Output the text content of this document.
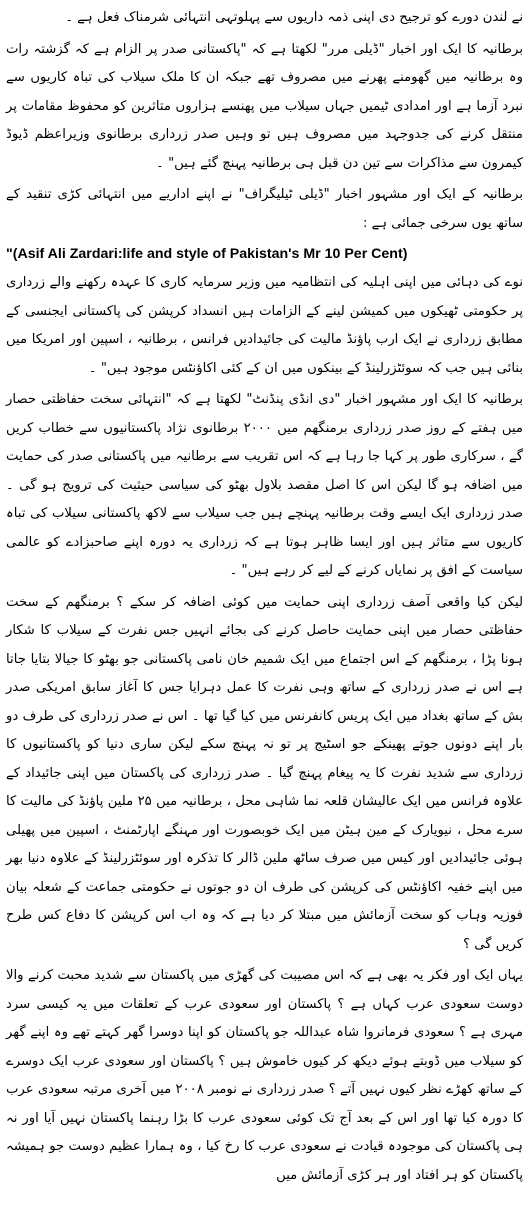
نے لندن دورے کو ترجیح دی اپنی ذمہ داریوں سے پہلوتہی انتہائی شرمناک فعل ہے ۔

برطانیہ کا ایک اور اخبار "ڈیلی مرر" لکھتا ہے کہ "پاکستانی صدر پر الزام ہے کہ گزشتہ رات وہ برطانیہ میں گھومنے پھرنے میں مصروف تھے جبکہ ان کا ملک سیلاب کی تباہ کاریوں سے نبرد آزما ہے اور امدادی ٹیمیں جہاں سیلاب میں پھنسے ہزاروں متاثرین کو محفوظ مقامات پر منتقل کرنے کی جدوجہد میں مصروف ہیں تو وہیں صدر زرداری برطانوی وزیراعظم ڈیوڈ کیمرون سے مذاکرات سے تین دن قبل ہی برطانیہ پہنچ گئے ہیں" ۔

برطانیہ کے ایک اور مشہور اخبار "ڈیلی ٹیلیگراف" نے اپنے اداریے میں انتہائی کڑی تنقید کے ساتھ یوں سرخی جمائی ہے :

"(Asif Ali Zardari:life and style of Pakistan's Mr 10 Per Cent)

نوے کی دہائی میں اپنی اہلیہ کی انتظامیہ میں وزیر سرمایہ کاری کا عہدہ رکھنے والے زرداری پر حکومتی ٹھیکوں میں کمیشن لینے کے الزامات ہیں انسداد کرپشن کی پاکستانی ایجنسی کے مطابق زرداری نے ایک ارب پاؤنڈ مالیت کی جائیدادیں فرانس ، برطانیہ ، اسپین اور امریکا میں بنائی ہیں جب کہ سوئٹزرلینڈ کے بینکوں میں ان کے کئی اکاؤنٹس موجود ہیں" ۔

برطانیہ کا ایک اور مشہور اخبار "دی انڈی پنڈنٹ" لکھتا ہے کہ "انتہائی سخت حفاظتی حصار میں ہفتے کے روز صدر زرداری برمنگھم میں ۲۰۰۰ برطانوی نژاد پاکستانیوں سے خطاب کریں گے ، سرکاری طور پر کہا جا رہا ہے کہ اس تقریب سے برطانیہ میں پاکستانی صدر کی حمایت میں اضافہ ہو گا لیکن اس کا اصل مقصد بلاول بھٹو کی سیاسی حیثیت کی ترویج ہو گی ۔ صدر زرداری ایک ایسے وقت برطانیہ پہنچے ہیں جب سیلاب سے لاکھ پاکستانی سیلاب کی تباہ کاریوں سے متاثر ہیں اور ایسا ظاہر ہوتا ہے کہ زرداری یہ دورہ اپنے صاحبزادے کو عالمی سیاست کے افق پر نمایاں کرنے کے لیے کر رہے ہیں" ۔

لیکن کیا واقعی آصف زرداری اپنی حمایت میں کوئی اضافہ کر سکے ؟ برمنگھم کے سخت حفاظتی حصار میں اپنی حمایت حاصل کرنے کی بجائے انہیں جس نفرت کے سیلاب کا شکار ہونا پڑا ، برمنگھم کے اس اجتماع میں ایک شمیم خان نامی پاکستانی جو بھٹو کا جیالا بتایا جاتا ہے اس نے صدر زرداری کے ساتھ وہی نفرت کا عمل دہرایا جس کا آغاز سابق امریکی صدر بش کے ساتھ بغداد میں ایک پریس کانفرنس میں کیا گیا تھا ۔ اس نے صدر زرداری کی طرف دو بار اپنے دونوں جوتے پھینکے جو اسٹیج پر تو نہ پہنچ سکے لیکن ساری دنیا کو پاکستانیوں کا زرداری سے شدید نفرت کا یہ پیغام پہنچ گیا ۔ صدر زرداری کی پاکستان میں اپنی جائیداد کے علاوہ فرانس میں ایک عالیشان قلعہ نما شاہی محل ، برطانیہ میں ۲۵ ملین پاؤنڈ کی مالیت کا سرے محل ، نیویارک کے مین ہیٹن میں ایک خوبصورت اور مہنگے اپارٹمنٹ ، اسپین میں پھیلی ہوئی جائیدادیں اور کیس میں صرف ساٹھ ملین ڈالر کا تذکرہ اور سوئٹزرلینڈ کے علاوہ دنیا بھر میں اپنے خفیہ اکاؤنٹس کی کرپشن کی طرف ان دو جوتوں نے حکومتی جماعت کے شعلہ بیان فوزیہ وہاب کو سخت آزمائش میں مبتلا کر دیا ہے کہ وہ اب اس کرپشن کا دفاع کس طرح کریں گی ؟

یہاں ایک اور فکر یہ بھی ہے کہ اس مصیبت کی گھڑی میں پاکستان سے شدید محبت کرنے والا دوست سعودی عرب کہاں ہے ؟ پاکستان اور سعودی عرب کے تعلقات میں یہ کیسی سرد مہری ہے ؟ سعودی فرمانروا شاہ عبداللہ جو پاکستان کو اپنا دوسرا گھر کہتے تھے وہ اپنے گھر کو سیلاب میں ڈوبتے ہوئے دیکھ کر کیوں خاموش ہیں ؟ پاکستان اور سعودی عرب ایک دوسرے کے ساتھ کھڑے نظر کیوں نہیں آتے ؟ صدر زرداری نے نومبر ۲۰۰۸ میں آخری مرتبہ سعودی عرب کا دورہ کیا تھا اور اس کے بعد آج تک کوئی سعودی عرب کا بڑا رہنما پاکستان نہیں آیا اور نہ ہی پاکستان کی موجودہ قیادت نے سعودی عرب کا رخ کیا ، وہ ہمارا عظیم دوست جو ہمیشہ پاکستان کو ہر افتاد اور ہر کڑی آزمائش میں
